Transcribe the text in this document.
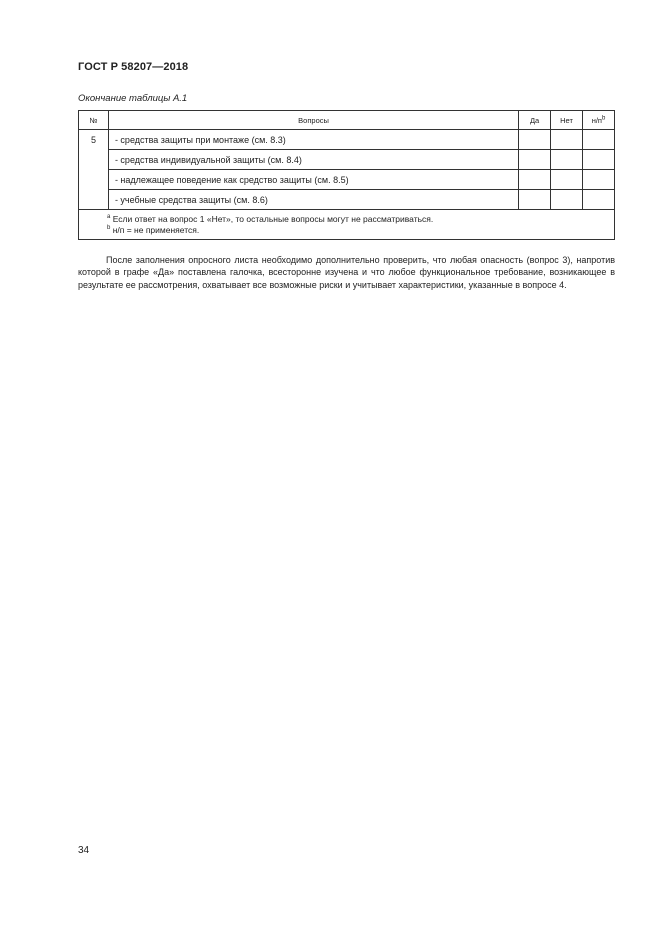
ГОСТ Р 58207—2018
Окончание таблицы А.1
№	Вопросы	Да	Нет	$н/п^b$
5	- средства защиты при монтаже (см. 8.3)			
	- средства индивидуальной защиты (см. 8.4)			
	- надлежащее поведение как средство защиты (см. 8.5)			
	- учебные средства защиты (см. 8.6)			

$^a$ Если ответ на вопрос 1 «Нет», то остальные вопросы могут не рассматриваться.
$^b$ н/п = не применяется.				
После заполнения опросного листа необходимо дополнительно проверить, что любая опасность (вопрос 3), напротив которой в графе «Да» поставлена галочка, всесторонне изучена и что любое функциональное требование, возникающее в результате ее рассмотрения, охватывает все возможные риски и учитывает характеристики, указанные в вопросе 4.
34
